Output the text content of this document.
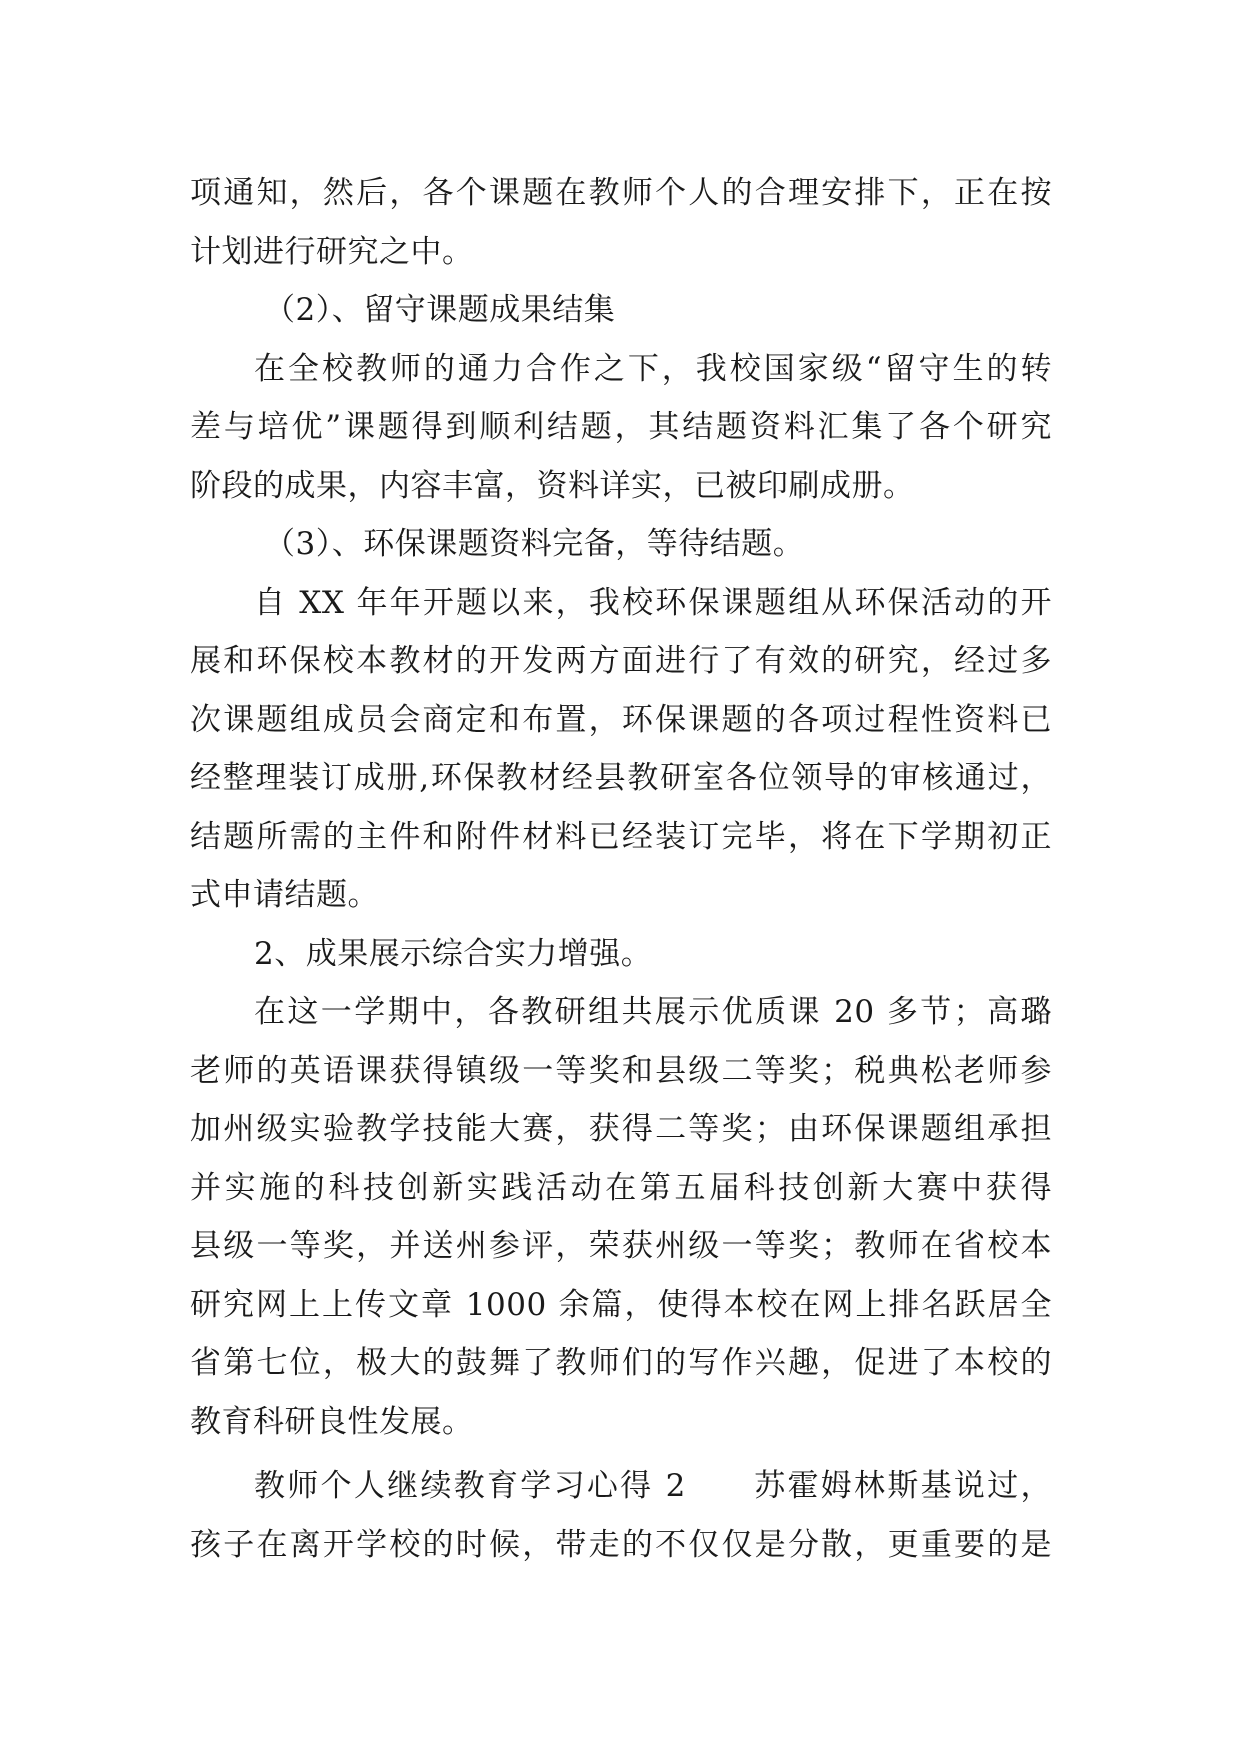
项通知，然后，各个课题在教师个人的合理安排下，正在按
计划进行研究之中。
（2）、留守课题成果结集
在全校教师的通力合作之下，我校国家级“留守生的转
差与培优”课题得到顺利结题，其结题资料汇集了各个研究
阶段的成果，内容丰富，资料详实，已被印刷成册。
（3）、环保课题资料完备，等待结题。
自 XX 年年开题以来，我校环保课题组从环保活动的开
展和环保校本教材的开发两方面进行了有效的研究，经过多
次课题组成员会商定和布置，环保课题的各项过程性资料已
经整理装订成册,环保教材经县教研室各位领导的审核通过，
结题所需的主件和附件材料已经装订完毕，将在下学期初正
式申请结题。
2、成果展示综合实力增强。
在这一学期中，各教研组共展示优质课 20 多节；高璐
老师的英语课获得镇级一等奖和县级二等奖；税典松老师参
加州级实验教学技能大赛，获得二等奖；由环保课题组承担
并实施的科技创新实践活动在第五届科技创新大赛中获得
县级一等奖，并送州参评，荣获州级一等奖；教师在省校本
研究网上上传文章 1000 余篇，使得本校在网上排名跃居全
省第七位，极大的鼓舞了教师们的写作兴趣，促进了本校的
教育科研良性发展。
教师个人继续教育学习心得 2　　苏霍姆林斯基说过，
孩子在离开学校的时候，带走的不仅仅是分散，更重要的是
